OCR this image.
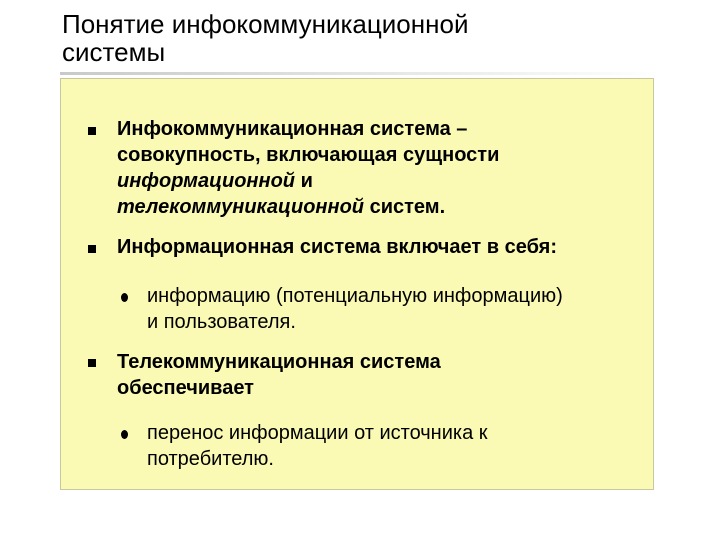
Понятие инфокоммуникационной
системы
Инфокоммуникационная система –
совокупность, включающая сущности
информационной и
телекоммуникационной систем.
Информационная система включает в себя:
информацию (потенциальную информацию)
и пользователя.
Телекоммуникационная система
обеспечивает
перенос информации от источника к
потребителю.
